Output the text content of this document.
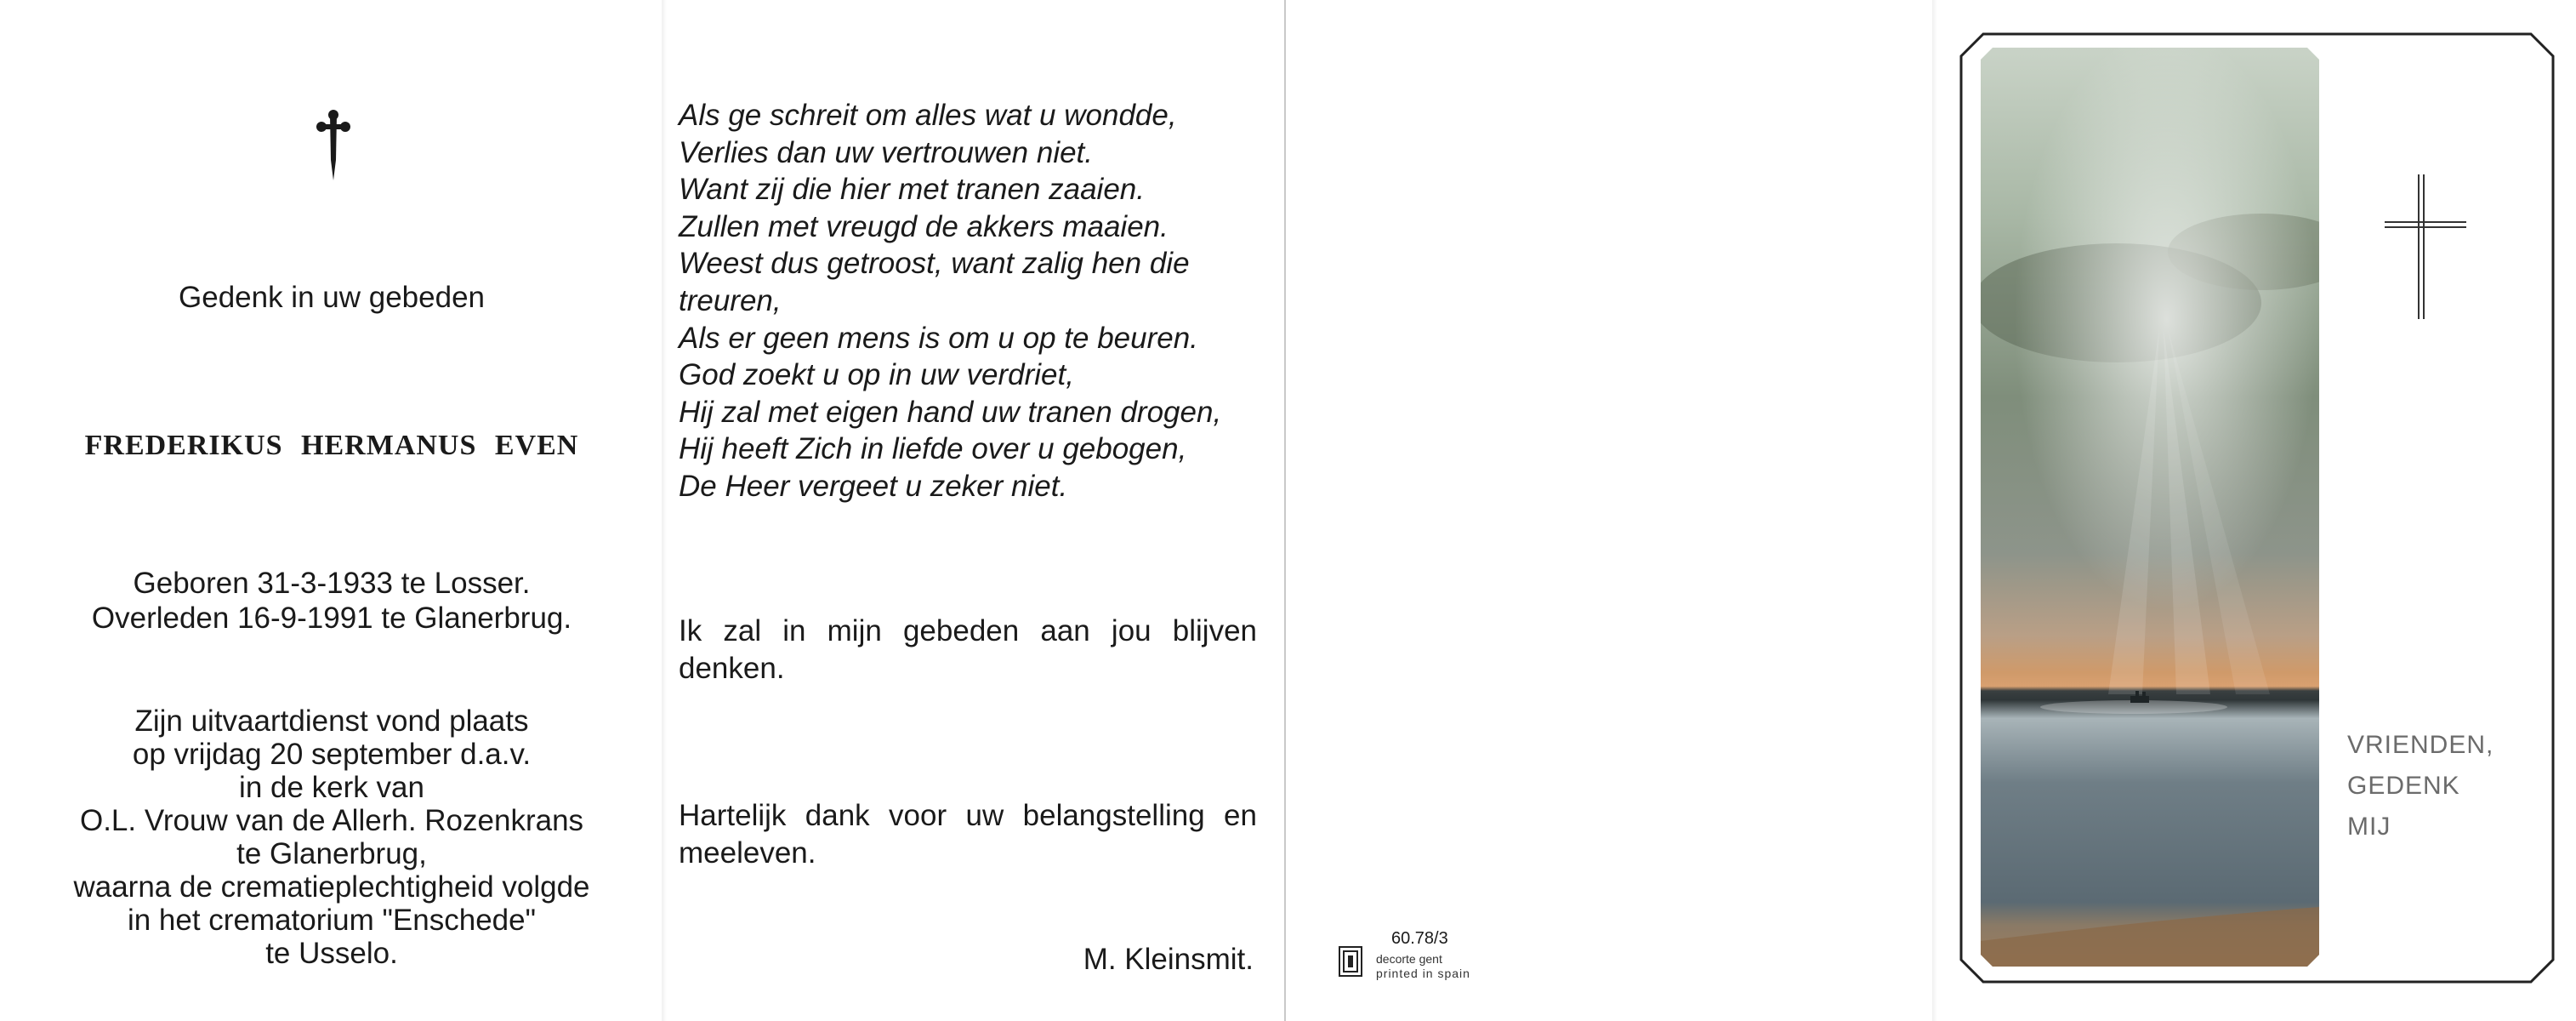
Gedenk in uw gebeden
FREDERIKUS HERMANUS EVEN
Geboren 31-3-1933 te Losser.
Overleden 16-9-1991 te Glanerbrug.
Zijn uitvaartdienst vond plaats
op vrijdag 20 september d.a.v.
in de kerk van
O.L. Vrouw van de Allerh. Rozenkrans
te Glanerbrug,
waarna de crematieplechtigheid volgde
in het crematorium "Enschede"
te Usselo.
Als ge schreit om alles wat u wondde,
Verlies dan uw vertrouwen niet.
Want zij die hier met tranen zaaien.
Zullen met vreugd de akkers maaien.
Weest dus getroost, want zalig hen die
treuren,
Als er geen mens is om u op te beuren.
God zoekt u op in uw verdriet,
Hij zal met eigen hand uw tranen drogen,
Hij heeft Zich in liefde over u gebogen,
De Heer vergeet u zeker niet.
Ik zal in mijn gebeden aan jou blijven denken.
Hartelijk dank voor uw belangstelling en meeleven.
M. Kleinsmit.
60.78/3
decorte gent
printed in spain
VRIENDEN,
GEDENK
MIJ
